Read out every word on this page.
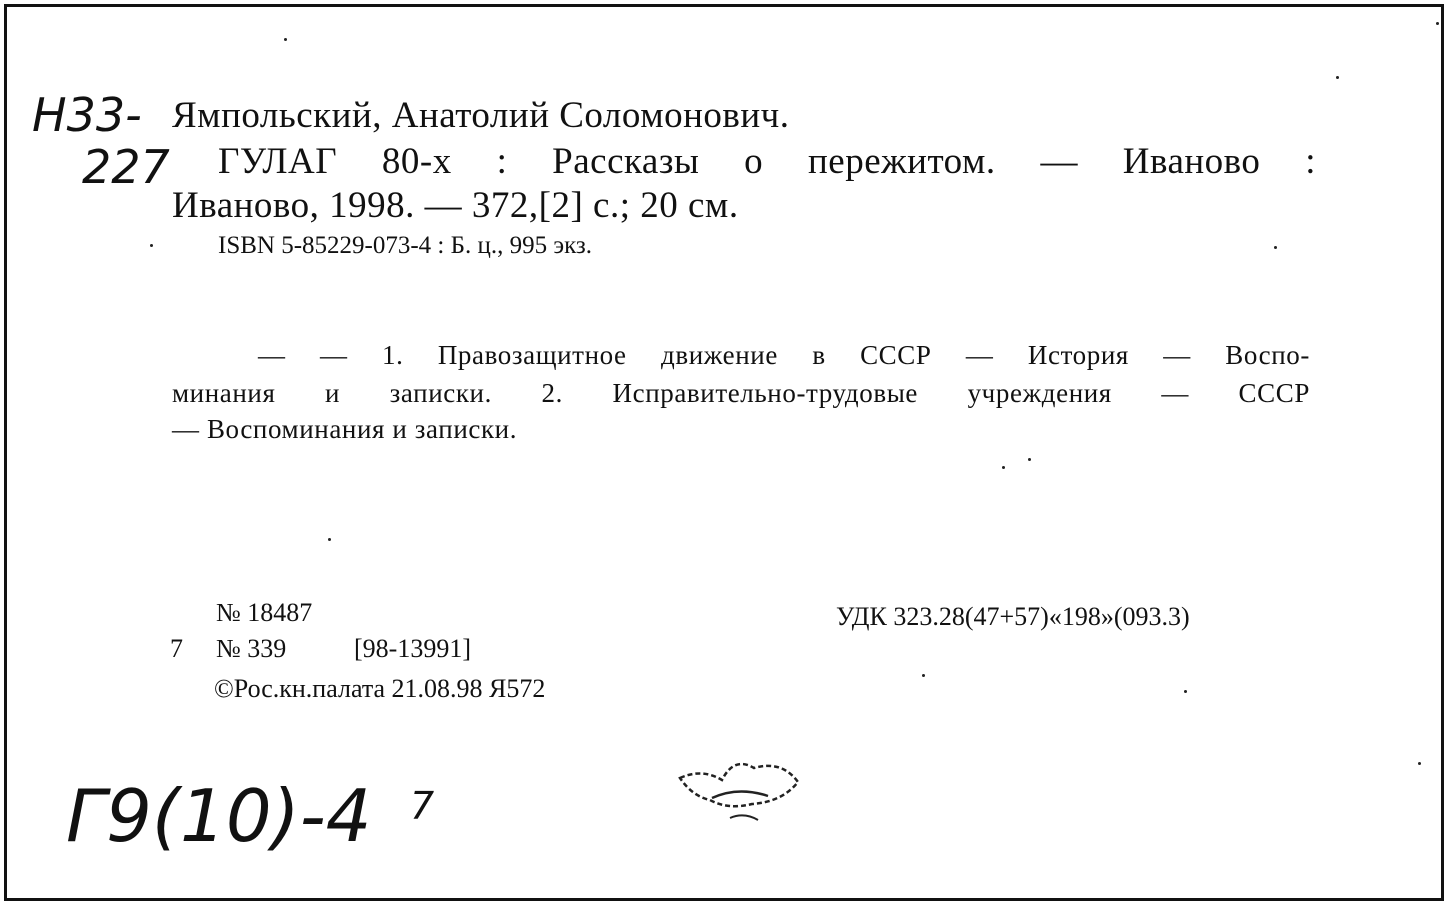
Н33-
227
Ямпольский, Анатолий Соломонович.
ГУЛАГ 80-х : Рассказы о пережитом. — Иваново :
Иваново, 1998. — 372,[2] с.; 20 см.
ISBN 5-85229-073-4 : Б. ц., 995 экз.
— — 1. Правозащитное движение в СССР — История — Воспо-
минания и записки. 2. Исправительно-трудовые учреждения — СССР
— Воспоминания и записки.
№ 18487	УДК 323.28(47+57)«198»(093.3)
7 № 339	[98-13991]
©Рос.кн.палата 21.08.98 Я572
Г9(10)-4 7
